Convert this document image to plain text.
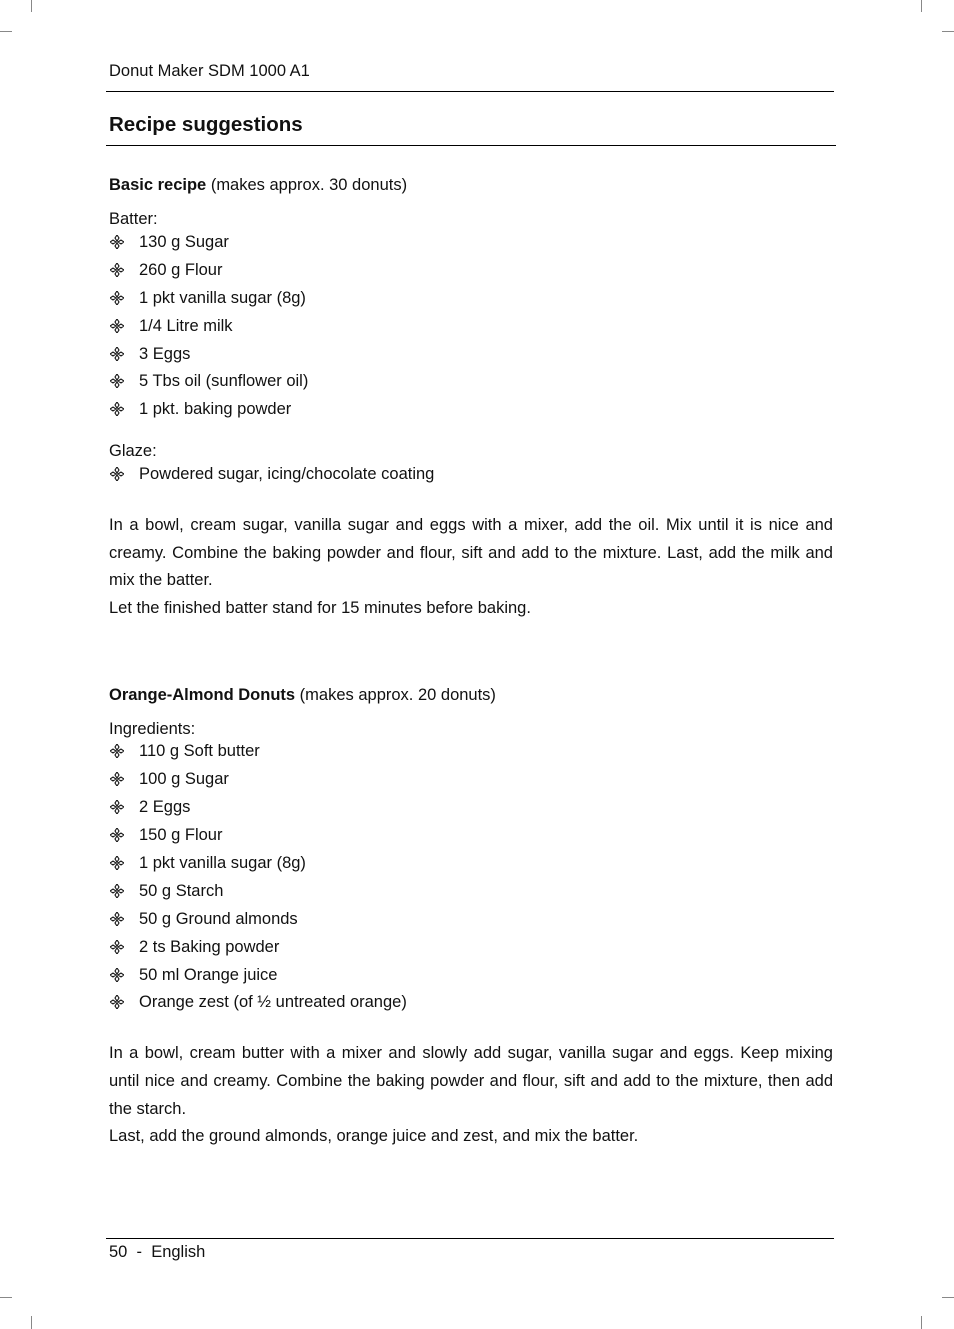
Donut Maker SDM 1000 A1
Recipe suggestions

Basic recipe (makes approx. 30 donuts)

Batter:

130 g Sugar
260 g Flour
1 pkt vanilla sugar (8g)
1/4 Litre milk
3 Eggs
5 Tbs oil (sunflower oil)
1 pkt. baking powder

Glaze:

Powdered sugar, icing/chocolate coating

In a bowl, cream sugar, vanilla sugar and eggs with a mixer, add the oil. Mix until it is nice and creamy. Combine the baking powder and flour, sift and add to the mixture. Last, add the milk and mix the batter.

Let the finished batter stand for 15 minutes before baking.

Orange-Almond Donuts (makes approx. 20 donuts)

Ingredients:

110 g Soft butter
100 g Sugar
2 Eggs
150 g Flour
1 pkt vanilla sugar (8g)
50 g Starch
50 g Ground almonds
2 ts Baking powder
50 ml Orange juice
Orange zest (of ½ untreated orange)

In a bowl, cream butter with a mixer and slowly add sugar, vanilla sugar and eggs. Keep mixing until nice and creamy. Combine the baking powder and flour, sift and add to the mixture, then add the starch.

Last, add the ground almonds, orange juice and zest, and mix the batter.

50 - English
